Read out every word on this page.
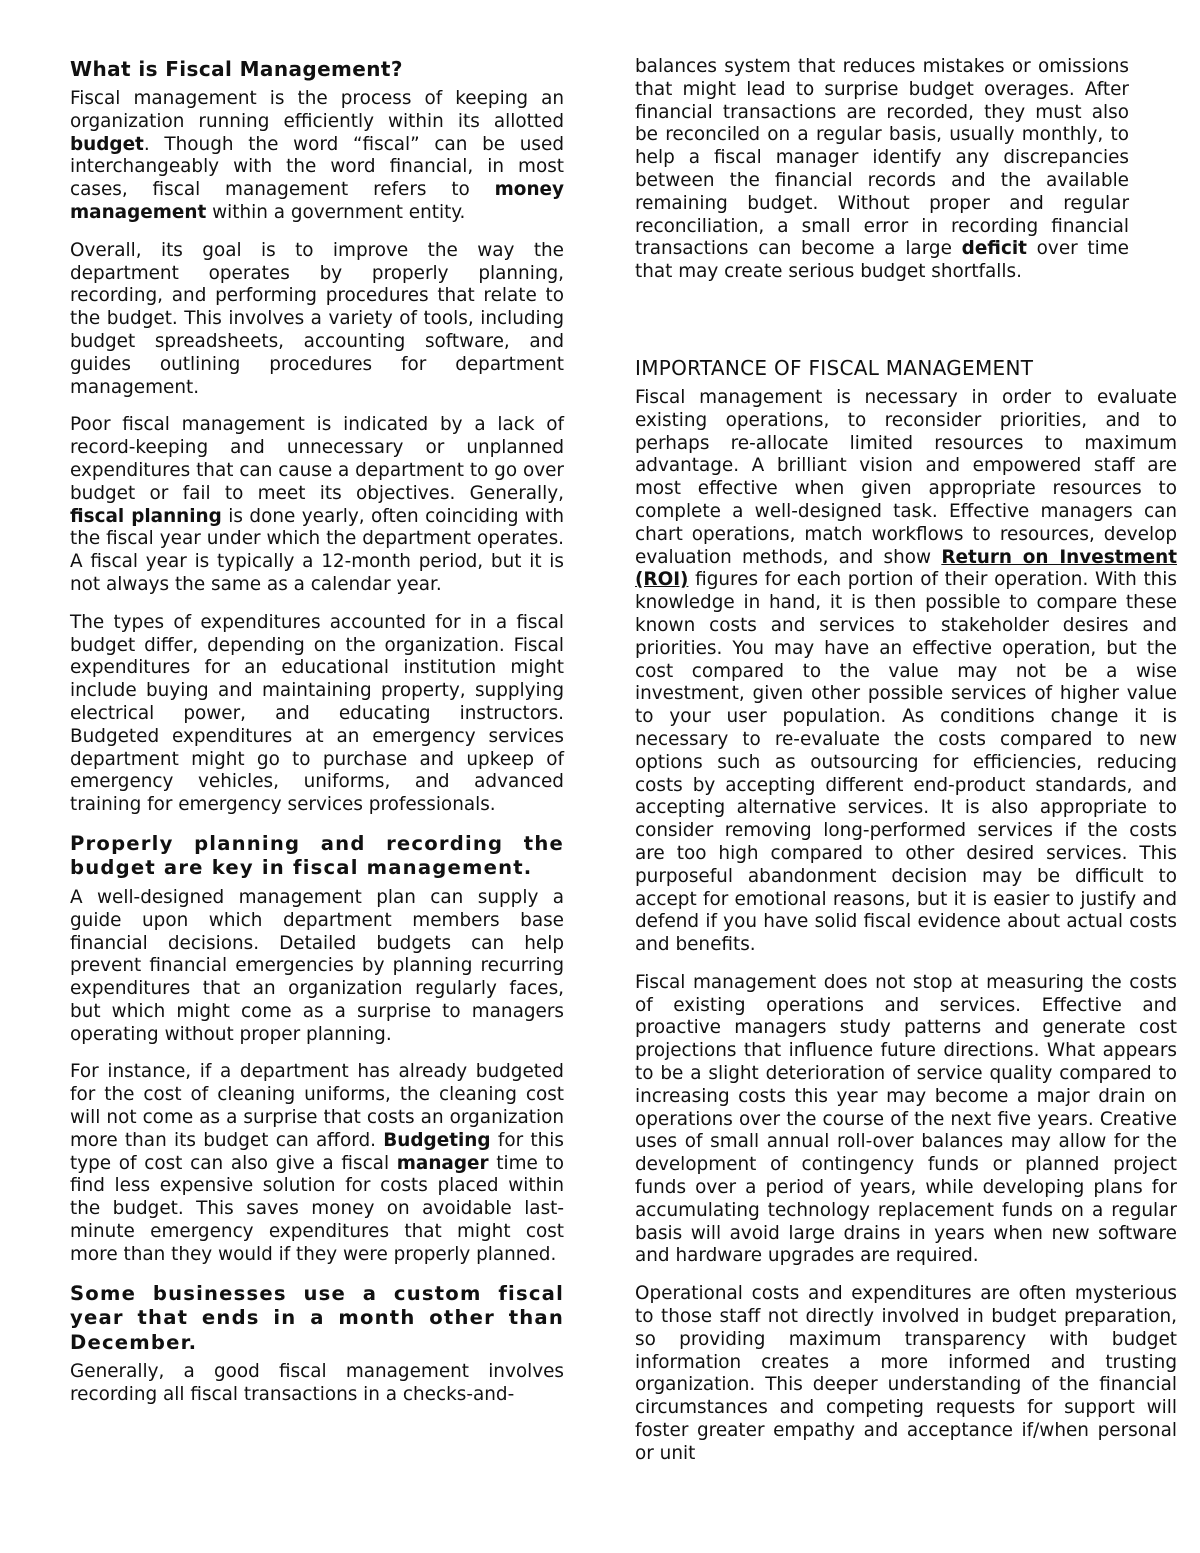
What is Fiscal Management?

Fiscal management is the process of keeping an organization running efficiently within its allotted budget. Though the word “fiscal” can be used interchangeably with the word financial, in most cases, fiscal management refers to money management within a government entity.

Overall, its goal is to improve the way the department operates by properly planning, recording, and performing procedures that relate to the budget. This involves a variety of tools, including budget spreadsheets, accounting software, and guides outlining procedures for department management.

Poor fiscal management is indicated by a lack of record-keeping and unnecessary or unplanned expenditures that can cause a department to go over budget or fail to meet its objectives. Generally, fiscal planning is done yearly, often coinciding with the fiscal year under which the department operates. A fiscal year is typically a 12-month period, but it is not always the same as a calendar year.

The types of expenditures accounted for in a fiscal budget differ, depending on the organization. Fiscal expenditures for an educational institution might include buying and maintaining property, supplying electrical power, and educating instructors. Budgeted expenditures at an emergency services department might go to purchase and upkeep of emergency vehicles, uniforms, and advanced training for emergency services professionals.

Properly planning and recording the budget are key in fiscal management.

A well-designed management plan can supply a guide upon which department members base financial decisions. Detailed budgets can help prevent financial emergencies by planning recurring expenditures that an organization regularly faces, but which might come as a surprise to managers operating without proper planning.

For instance, if a department has already budgeted for the cost of cleaning uniforms, the cleaning cost will not come as a surprise that costs an organization more than its budget can afford. Budgeting for this type of cost can also give a fiscal manager time to find less expensive solution for costs placed within the budget. This saves money on avoidable last-minute emergency expenditures that might cost more than they would if they were properly planned.

Some businesses use a custom fiscal year that ends in a month other than December.

Generally, a good fiscal management involves recording all fiscal transactions in a checks-and-

balances system that reduces mistakes or omissions that might lead to surprise budget overages. After financial transactions are recorded, they must also be reconciled on a regular basis, usually monthly, to help a fiscal manager identify any discrepancies between the financial records and the available remaining budget. Without proper and regular reconciliation, a small error in recording financial transactions can become a large deficit over time that may create serious budget shortfalls.

IMPORTANCE OF FISCAL MANAGEMENT

Fiscal management is necessary in order to evaluate existing operations, to reconsider priorities, and to perhaps re-allocate limited resources to maximum advantage. A brilliant vision and empowered staff are most effective when given appropriate resources to complete a well-designed task. Effective managers can chart operations, match workflows to resources, develop evaluation methods, and show Return on Investment (ROI) figures for each portion of their operation. With this knowledge in hand, it is then possible to compare these known costs and services to stakeholder desires and priorities. You may have an effective operation, but the cost compared to the value may not be a wise investment, given other possible services of higher value to your user population. As conditions change it is necessary to re-evaluate the costs compared to new options such as outsourcing for efficiencies, reducing costs by accepting different end-product standards, and accepting alternative services. It is also appropriate to consider removing long-performed services if the costs are too high compared to other desired services. This purposeful abandonment decision may be difficult to accept for emotional reasons, but it is easier to justify and defend if you have solid fiscal evidence about actual costs and benefits.

Fiscal management does not stop at measuring the costs of existing operations and services. Effective and proactive managers study patterns and generate cost projections that influence future directions. What appears to be a slight deterioration of service quality compared to increasing costs this year may become a major drain on operations over the course of the next five years. Creative uses of small annual roll-over balances may allow for the development of contingency funds or planned project funds over a period of years, while developing plans for accumulating technology replacement funds on a regular basis will avoid large drains in years when new software and hardware upgrades are required.

Operational costs and expenditures are often mysterious to those staff not directly involved in budget preparation, so providing maximum transparency with budget information creates a more informed and trusting organization. This deeper understanding of the financial circumstances and competing requests for support will foster greater empathy and acceptance if/when personal or unit
